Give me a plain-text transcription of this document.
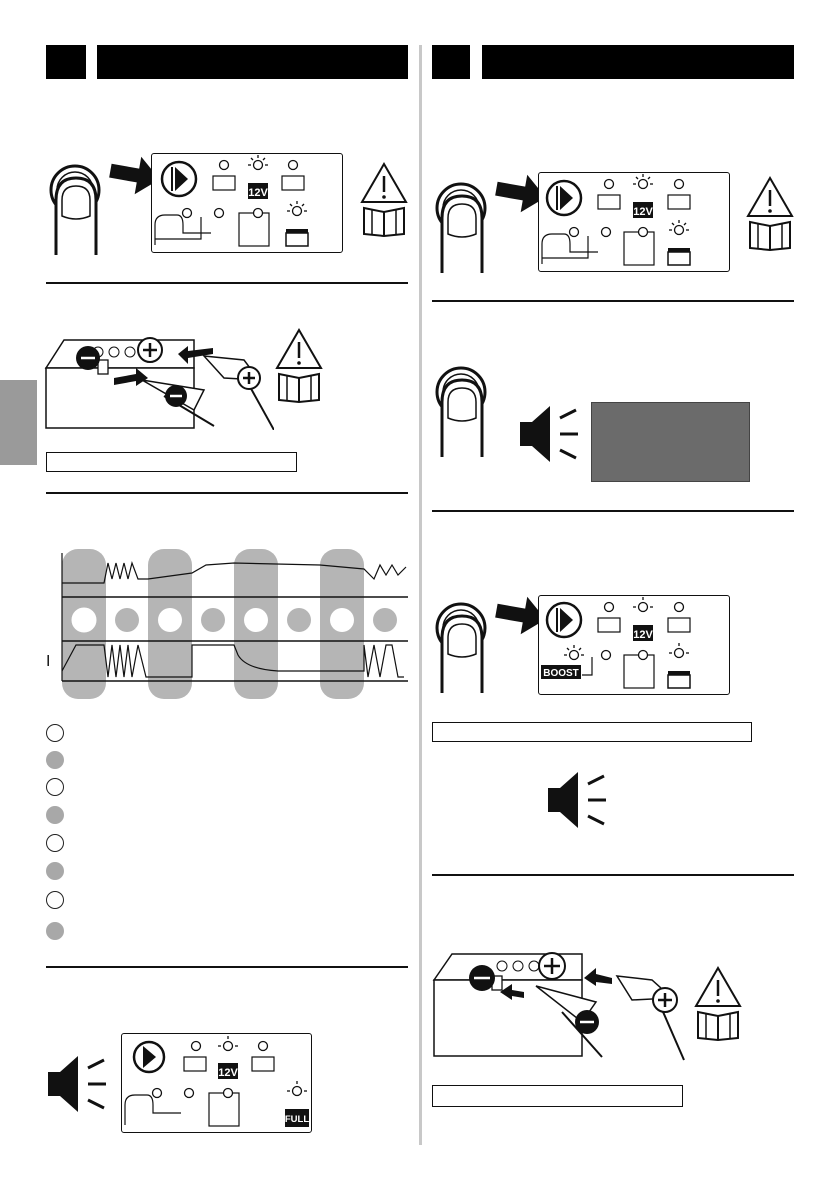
12V
I
12V
FULL
12V
12V
BOOST
